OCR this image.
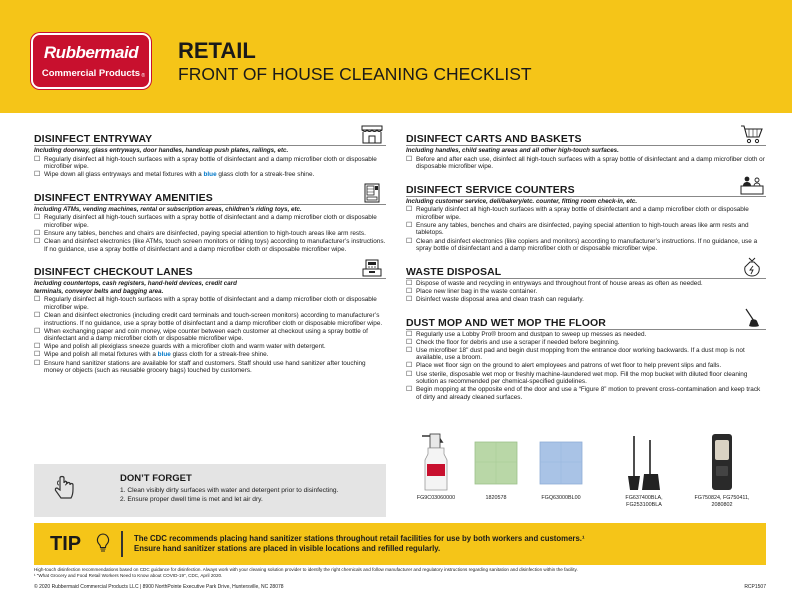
Rubbermaid
Commercial Products ®
RETAIL
FRONT OF HOUSE CLEANING CHECKLIST
DISINFECT ENTRYWAY
Including doorway, glass entryways, door handles, handicap push plates, railings, etc.
☐ Regularly disinfect all high-touch surfaces with a spray bottle of disinfectant and a damp microfiber cloth or disposable microfiber wipe.
☐ Wipe down all glass entryways and metal fixtures with a blue glass cloth for a streak-free shine.
DISINFECT ENTRYWAY AMENITIES
Including ATMs, vending machines, rental or subscription areas, children’s riding toys, etc.
☐ Regularly disinfect all high-touch surfaces with a spray bottle of disinfectant and a damp microfiber cloth or disposable microfiber wipe.
☐ Ensure any tables, benches and chairs are disinfected, paying special attention to high-touch areas like arm rests.
☐ Clean and disinfect electronics (like ATMs, touch screen monitors or riding toys) according to manufacturer’s instructions. If no guidance, use a spray bottle of disinfectant and a damp microfiber cloth or disposable microfiber wipe.
DISINFECT CHECKOUT LANES
Including countertops, cash registers, hand-held devices, credit card terminals, conveyor belts and bagging area.
☐ Regularly disinfect all high-touch surfaces with a spray bottle of disinfectant and a damp microfiber cloth or disposable microfiber wipe.
☐ Clean and disinfect electronics (including credit card terminals and touch-screen monitors) according to manufacturer’s instructions. If no guidance, use a spray bottle of disinfectant and a damp microfiber cloth or disposable microfiber wipe.
☐ When exchanging paper and coin money, wipe counter between each customer at checkout using a spray bottle of disinfectant and a damp microfiber cloth or disposable microfiber wipe.
☐ Wipe and polish all plexiglass sneeze guards with a microfiber cloth and warm water with detergent.
☐ Wipe and polish all metal fixtures with a blue glass cloth for a streak-free shine.
☐ Ensure hand sanitizer stations are available for staff and customers. Staff should use hand sanitizer after touching money or objects (such as reusable grocery bags) touched by customers.
DISINFECT CARTS AND BASKETS
Including handles, child seating areas and all other high-touch surfaces.
☐ Before and after each use, disinfect all high-touch surfaces with a spray bottle of disinfectant and a damp microfiber cloth or disposable microfiber wipe.
DISINFECT SERVICE COUNTERS
Including customer service, deli/bakery/etc. counter, fitting room check-in, etc.
☐ Regularly disinfect all high-touch surfaces with a spray bottle of disinfectant and a damp microfiber cloth or disposable microfiber wipe.
☐ Ensure any tables, benches and chairs are disinfected, paying special attention to high-touch areas like arm rests and tabletops.
☐ Clean and disinfect electronics (like copiers and monitors) according to manufacturer’s instructions. If no guidance, use a spray bottle of disinfectant and a damp microfiber cloth or disposable microfiber wipe.
WASTE DISPOSAL
☐ Dispose of waste and recycling in entryways and throughout front of house areas as often as needed.
☐ Place new liner bag in the waste container.
☐ Disinfect waste disposal area and clean trash can regularly.
DUST MOP AND WET MOP THE FLOOR
☐ Regularly use a Lobby Pro® broom and dustpan to sweep up messes as needed.
☐ Check the floor for debris and use a scraper if needed before beginning.
☐ Use microfiber 18" dust pad and begin dust mopping from the entrance door working backwards. If a dust mop is not available, use a broom.
☐ Place wet floor sign on the ground to alert employees and patrons of wet floor to help prevent slips and falls.
☐ Use sterile, disposable wet mop or freshly machine-laundered wet mop. Fill the mop bucket with diluted floor cleaning solution as recommended per chemical-specified guidelines.
☐ Begin mopping at the opposite end of the door and use a “Figure 8” motion to prevent cross-contamination and keep track of dirty and already cleaned surfaces.
FG9C03060000	1820578	FGQ63000BL00	FG637400BLA, FG253100BLA
FG750824, FG750411, 2080802
DON’T FORGET
1. Clean visibly dirty surfaces with water and detergent prior to disinfecting.
2. Ensure proper dwell time is met and let air dry.
TIP	The CDC recommends placing hand sanitizer stations throughout retail facilities for use by both workers and customers.¹
Ensure hand sanitizer stations are placed in visible locations and refilled regularly.
High-touch disinfection recommendations based on CDC guidance for disinfection. Always work with your cleaning solution provider to identify the right chemicals and follow manufacturer and regulatory instructions regarding sanitation and disinfection within the facility.
¹ “What Grocery and Food Retail Workers Need to Know about COVID-19”, CDC, April 2020.
© 2020 Rubbermaid Commercial Products LLC | 8900 NorthPointe Executive Park Drive, Huntersville, NC 28078	RCP1507
